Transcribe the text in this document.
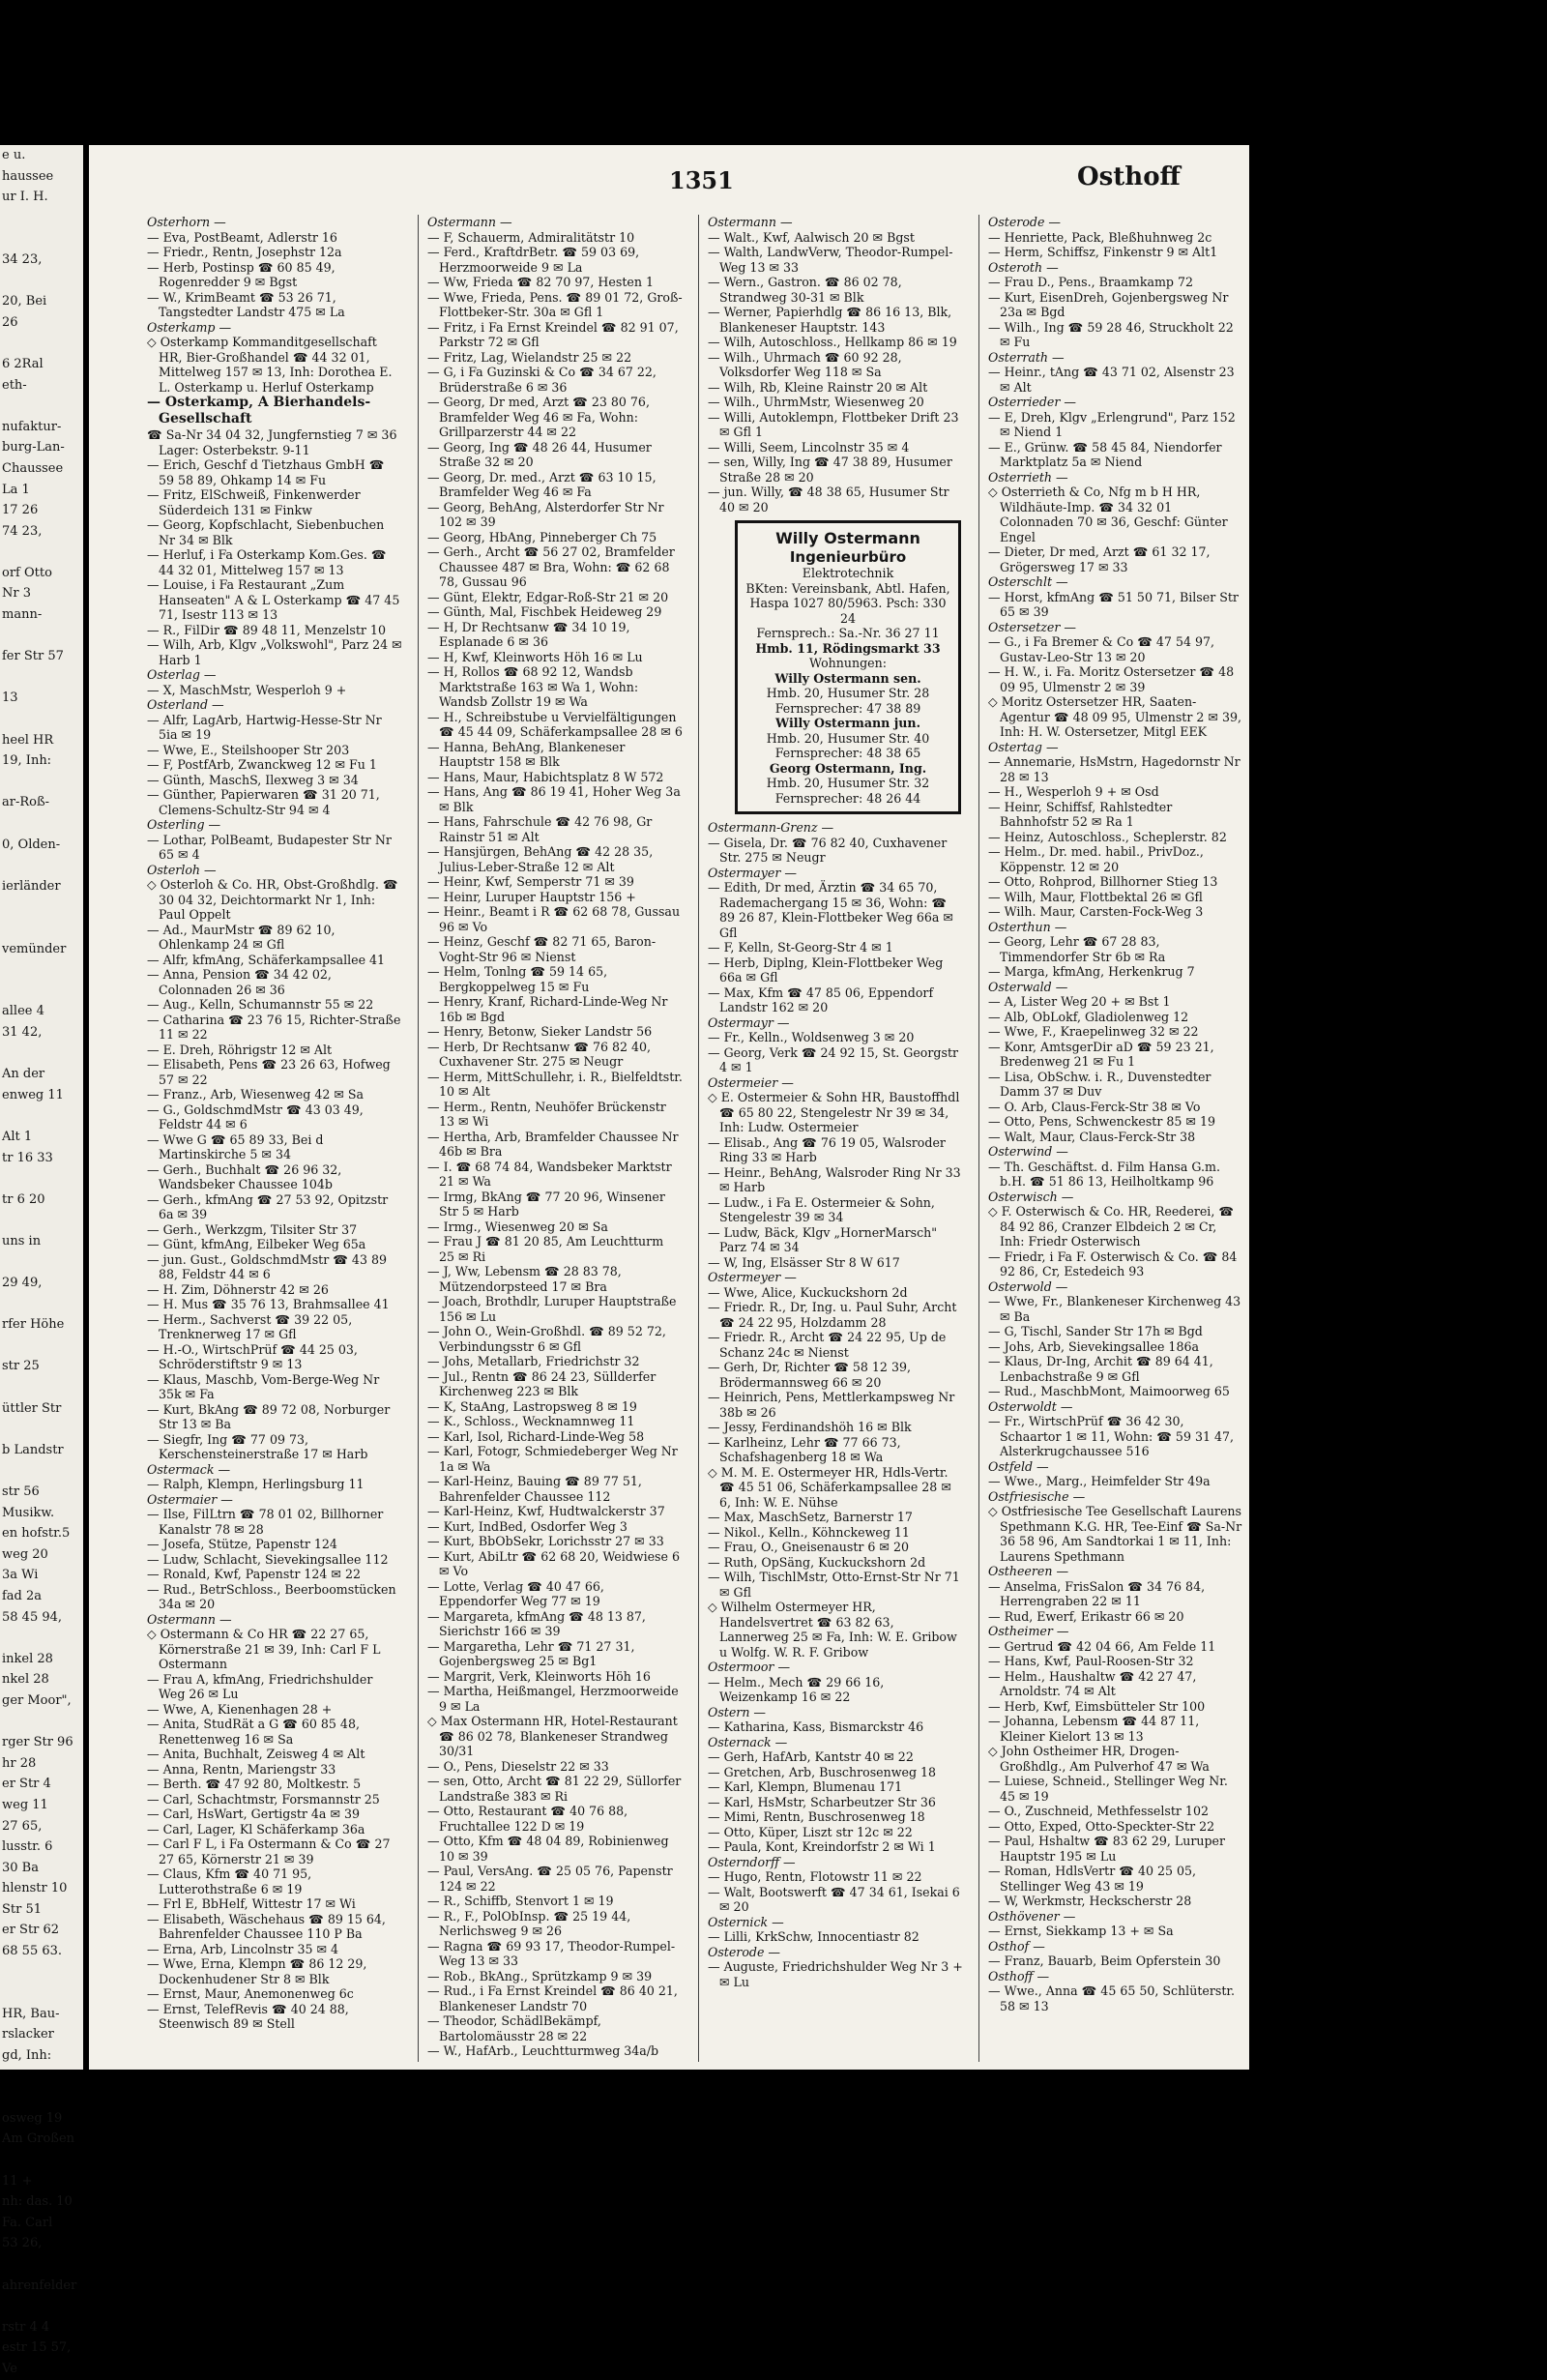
e u.
haussee
ur I. H.

34 23,

20, Bei
26

6 2Ral
eth-

nufaktur-
burg-Lan-
Chaussee
La 1
17 26
74 23,

orf Otto
Nr 3
mann-

fer Str 57

13

heel HR
19, Inh:

ar-Roß-

0, Olden-

ierländer

vemünder

allee 4
31 42,

An der
enweg 11

Alt 1
tr 16 33

tr 6 20

uns in

29 49,

rfer Höhe

str 25

üttler Str

b Landstr

str 56
Musikw.
en hofstr.5
weg 20
3a Wi
fad 2a
58 45 94,

inkel 28
nkel 28
ger Moor",

rger Str 96
hr 28
er Str 4
weg 11
27 65,
lusstr. 6
30 Ba
hlenstr 10
Str 51
er Str 62
68 55 63.

HR, Bau-
rslacker
gd, Inh:

osweg 19
Am Großen

11 +
nh: das. 10
Fa. Carl
53 26,

ahrenfelder

rstr 4 4
estr 15 57,
Ve
1351	Osthoff

Osterhorn —

— Eva, PostBeamt, Adlerstr 16

— Friedr., Rentn, Josephstr 12a

— Herb, Postinsp ☎ 60 85 49, Rogenredder 9 ✉ Bgst

— W., KrimBeamt ☎ 53 26 71, Tangstedter Landstr 475 ✉ La

Osterkamp —

◇ Osterkamp Kommanditgesellschaft HR, Bier-Großhandel ☎ 44 32 01, Mittelweg 157 ✉ 13, Inh: Dorothea E. L. Osterkamp u. Herluf Osterkamp

— Osterkamp, A Bierhandels-Gesellschaft

☎ Sa-Nr 34 04 32, Jungfernstieg 7 ✉ 36 Lager: Osterbekstr. 9-11

— Erich, Geschf d Tietzhaus GmbH ☎ 59 58 89, Ohkamp 14 ✉ Fu

— Fritz, ElSchweiß, Finkenwerder Süderdeich 131 ✉ Finkw

— Georg, Kopfschlacht, Siebenbuchen Nr 34 ✉ Blk

— Herluf, i Fa Osterkamp Kom.Ges. ☎ 44 32 01, Mittelweg 157 ✉ 13

— Louise, i Fa Restaurant „Zum Hanseaten" A & L Osterkamp ☎ 47 45 71, Isestr 113 ✉ 13

— R., FilDir ☎ 89 48 11, Menzelstr 10

— Wilh, Arb, Klgv „Volkswohl", Parz 24 ✉ Harb 1

Osterlag —

— X, MaschMstr, Wesperloh 9 +

Osterland —

— Alfr, LagArb, Hartwig-Hesse-Str Nr 5ia ✉ 19

— Wwe, E., Steilshooper Str 203

— F, PostfArb, Zwanckweg 12 ✉ Fu 1

— Günth, MaschS, Ilexweg 3 ✉ 34

— Günther, Papierwaren ☎ 31 20 71, Clemens-Schultz-Str 94 ✉ 4

Osterling —

— Lothar, PolBeamt, Budapester Str Nr 65 ✉ 4

Osterloh —

◇ Osterloh & Co. HR, Obst-Großhdlg. ☎ 30 04 32, Deichtormarkt Nr 1, Inh: Paul Oppelt

— Ad., MaurMstr ☎ 89 62 10, Ohlenkamp 24 ✉ Gfl

— Alfr, kfmAng, Schäferkampsallee 41

— Anna, Pension ☎ 34 42 02, Colonnaden 26 ✉ 36

— Aug., Kelln, Schumannstr 55 ✉ 22

— Catharina ☎ 23 76 15, Richter-Straße 11 ✉ 22

— E. Dreh, Röhrigstr 12 ✉ Alt

— Elisabeth, Pens ☎ 23 26 63, Hofweg 57 ✉ 22

— Franz., Arb, Wiesenweg 42 ✉ Sa

— G., GoldschmdMstr ☎ 43 03 49, Feldstr 44 ✉ 6

— Wwe G ☎ 65 89 33, Bei d Martinskirche 5 ✉ 34

— Gerh., Buchhalt ☎ 26 96 32, Wandsbeker Chaussee 104b

— Gerh., kfmAng ☎ 27 53 92, Opitzstr 6a ✉ 39

— Gerh., Werkzgm, Tilsiter Str 37

— Günt, kfmAng, Eilbeker Weg 65a

— jun. Gust., GoldschmdMstr ☎ 43 89 88, Feldstr 44 ✉ 6

— H. Zim, Döhnerstr 42 ✉ 26

— H. Mus ☎ 35 76 13, Brahmsallee 41

— Herm., Sachverst ☎ 39 22 05, Trenknerweg 17 ✉ Gfl

— H.-O., WirtschPrüf ☎ 44 25 03, Schröderstiftstr 9 ✉ 13

— Klaus, Maschb, Vom-Berge-Weg Nr 35k ✉ Fa

— Kurt, BkAng ☎ 89 72 08, Norburger Str 13 ✉ Ba

— Siegfr, Ing ☎ 77 09 73, Kerschensteinerstraße 17 ✉ Harb

Ostermack —

— Ralph, Klempn, Herlingsburg 11

Ostermaier —

— Ilse, FilLtrn ☎ 78 01 02, Billhorner Kanalstr 78 ✉ 28

— Josefa, Stütze, Papenstr 124

— Ludw, Schlacht, Sievekingsallee 112

— Ronald, Kwf, Papenstr 124 ✉ 22

— Rud., BetrSchloss., Beerboomstücken 34a ✉ 20

Ostermann —

◇ Ostermann & Co HR ☎ 22 27 65, Körnerstraße 21 ✉ 39, Inh: Carl F L Ostermann

— Frau A, kfmAng, Friedrichshulder Weg 26 ✉ Lu

— Wwe, A, Kienenhagen 28 +

— Anita, StudRät a G ☎ 60 85 48, Renettenweg 16 ✉ Sa

— Anita, Buchhalt, Zeisweg 4 ✉ Alt

— Anna, Rentn, Mariengstr 33

— Berth. ☎ 47 92 80, Moltkestr. 5

— Carl, Schachtmstr, Forsmannstr 25

— Carl, HsWart, Gertigstr 4a ✉ 39

— Carl, Lager, Kl Schäferkamp 36a

— Carl F L, i Fa Ostermann & Co ☎ 27 27 65, Körnerstr 21 ✉ 39

— Claus, Kfm ☎ 40 71 95, Lutterothstraße 6 ✉ 19

— Frl E, BbHelf, Wittestr 17 ✉ Wi

— Elisabeth, Wäschehaus ☎ 89 15 64, Bahrenfelder Chaussee 110 P Ba

— Erna, Arb, Lincolnstr 35 ✉ 4

— Wwe, Erna, Klempn ☎ 86 12 29, Dockenhudener Str 8 ✉ Blk

— Ernst, Maur, Anemonenweg 6c

— Ernst, TelefRevis ☎ 40 24 88, Steenwisch 89 ✉ Stell

Ostermann —

— F, Schauerm, Admiralitätstr 10

— Ferd., KraftdrBetr. ☎ 59 03 69, Herzmoorweide 9 ✉ La

— Ww, Frieda ☎ 82 70 97, Hesten 1

— Wwe, Frieda, Pens. ☎ 89 01 72, Groß-Flottbeker-Str. 30a ✉ Gfl 1

— Fritz, i Fa Ernst Kreindel ☎ 82 91 07, Parkstr 72 ✉ Gfl

— Fritz, Lag, Wielandstr 25 ✉ 22

— G, i Fa Guzinski & Co ☎ 34 67 22, Brüderstraße 6 ✉ 36

— Georg, Dr med, Arzt ☎ 23 80 76, Bramfelder Weg 46 ✉ Fa, Wohn: Grillparzerstr 44 ✉ 22

— Georg, Ing ☎ 48 26 44, Husumer Straße 32 ✉ 20

— Georg, Dr. med., Arzt ☎ 63 10 15, Bramfelder Weg 46 ✉ Fa

— Georg, BehAng, Alsterdorfer Str Nr 102 ✉ 39

— Georg, HbAng, Pinneberger Ch 75

— Gerh., Archt ☎ 56 27 02, Bramfelder Chaussee 487 ✉ Bra, Wohn: ☎ 62 68 78, Gussau 96

— Günt, Elektr, Edgar-Roß-Str 21 ✉ 20

— Günth, Mal, Fischbek Heideweg 29

— H, Dr Rechtsanw ☎ 34 10 19, Esplanade 6 ✉ 36

— H, Kwf, Kleinworts Höh 16 ✉ Lu

— H, Rollos ☎ 68 92 12, Wandsb Marktstraße 163 ✉ Wa 1, Wohn: Wandsb Zollstr 19 ✉ Wa

— H., Schreibstube u Vervielfältigungen ☎ 45 44 09, Schäferkampsallee 28 ✉ 6

— Hanna, BehAng, Blankeneser Hauptstr 158 ✉ Blk

— Hans, Maur, Habichtsplatz 8 W 572

— Hans, Ang ☎ 86 19 41, Hoher Weg 3a ✉ Blk

— Hans, Fahrschule ☎ 42 76 98, Gr Rainstr 51 ✉ Alt

— Hansjürgen, BehAng ☎ 42 28 35, Julius-Leber-Straße 12 ✉ Alt

— Heinr, Kwf, Semperstr 71 ✉ 39

— Heinr, Luruper Hauptstr 156 +

— Heinr., Beamt i R ☎ 62 68 78, Gussau 96 ✉ Vo

— Heinz, Geschf ☎ 82 71 65, Baron-Voght-Str 96 ✉ Nienst

— Helm, Tonlng ☎ 59 14 65, Bergkoppelweg 15 ✉ Fu

— Henry, Kranf, Richard-Linde-Weg Nr 16b ✉ Bgd

— Henry, Betonw, Sieker Landstr 56

— Herb, Dr Rechtsanw ☎ 76 82 40, Cuxhavener Str. 275 ✉ Neugr

— Herm, MittSchullehr, i. R., Bielfeldtstr. 10 ✉ Alt

— Herm., Rentn, Neuhöfer Brückenstr 13 ✉ Wi

— Hertha, Arb, Bramfelder Chaussee Nr 46b ✉ Bra

— I. ☎ 68 74 84, Wandsbeker Marktstr 21 ✉ Wa

— Irmg, BkAng ☎ 77 20 96, Winsener Str 5 ✉ Harb

— Irmg., Wiesenweg 20 ✉ Sa

— Frau J ☎ 81 20 85, Am Leuchtturm 25 ✉ Ri

— J, Ww, Lebensm ☎ 28 83 78, Mützendorpsteed 17 ✉ Bra

— Joach, Brothdlr, Luruper Hauptstraße 156 ✉ Lu

— John O., Wein-Großhdl. ☎ 89 52 72, Verbindungsstr 6 ✉ Gfl

— Johs, Metallarb, Friedrichstr 32

— Jul., Rentn ☎ 86 24 23, Süllderfer Kirchenweg 223 ✉ Blk

— K, StaAng, Lastropsweg 8 ✉ 19

— K., Schloss., Wecknamnweg 11

— Karl, Isol, Richard-Linde-Weg 58

— Karl, Fotogr, Schmiedeberger Weg Nr 1a ✉ Wa

— Karl-Heinz, Bauing ☎ 89 77 51, Bahrenfelder Chaussee 112

— Karl-Heinz, Kwf, Hudtwalckerstr 37

— Kurt, IndBed, Osdorfer Weg 3

— Kurt, BbObSekr, Lorichsstr 27 ✉ 33

— Kurt, AbiLtr ☎ 62 68 20, Weidwiese 6 ✉ Vo

— Lotte, Verlag ☎ 40 47 66, Eppendorfer Weg 77 ✉ 19

— Margareta, kfmAng ☎ 48 13 87, Sierichstr 166 ✉ 39

— Margaretha, Lehr ☎ 71 27 31, Gojenbergsweg 25 ✉ Bg1

— Margrit, Verk, Kleinworts Höh 16

— Martha, Heißmangel, Herzmoorweide 9 ✉ La

◇ Max Ostermann HR, Hotel-Restaurant ☎ 86 02 78, Blankeneser Strandweg 30/31

— O., Pens, Dieselstr 22 ✉ 33

— sen, Otto, Archt ☎ 81 22 29, Süllorfer Landstraße 383 ✉ Ri

— Otto, Restaurant ☎ 40 76 88, Fruchtallee 122 D ✉ 19

— Otto, Kfm ☎ 48 04 89, Robinienweg 10 ✉ 39

— Paul, VersAng. ☎ 25 05 76, Papenstr 124 ✉ 22

— R., Schiffb, Stenvort 1 ✉ 19

— R., F., PolObInsp. ☎ 25 19 44, Nerlichsweg 9 ✉ 26

— Ragna ☎ 69 93 17, Theodor-Rumpel-Weg 13 ✉ 33

— Rob., BkAng., Sprützkamp 9 ✉ 39

— Rud., i Fa Ernst Kreindel ☎ 86 40 21, Blankeneser Landstr 70

— Theodor, SchädlBekämpf, Bartolomäusstr 28 ✉ 22

— W., HafArb., Leuchtturmweg 34a/b

Ostermann —

— Walt., Kwf, Aalwisch 20 ✉ Bgst

— Walth, LandwVerw, Theodor-Rumpel-Weg 13 ✉ 33

— Wern., Gastron. ☎ 86 02 78, Strandweg 30-31 ✉ Blk

— Werner, Papierhdlg ☎ 86 16 13, Blk, Blankeneser Hauptstr. 143

— Wilh, Autoschloss., Hellkamp 86 ✉ 19

— Wilh., Uhrmach ☎ 60 92 28, Volksdorfer Weg 118 ✉ Sa

— Wilh, Rb, Kleine Rainstr 20 ✉ Alt

— Wilh., UhrmMstr, Wiesenweg 20

— Willi, Autoklempn, Flottbeker Drift 23 ✉ Gfl 1

— Willi, Seem, Lincolnstr 35 ✉ 4

— sen, Willy, Ing ☎ 47 38 89, Husumer Straße 28 ✉ 20

— jun. Willy, ☎ 48 38 65, Husumer Str 40 ✉ 20

Willy Ostermann
Ingenieurbüro
Elektrotechnik
BKten: Vereinsbank, Abtl. Hafen, Haspa 1027 80/5963. Psch: 330 24
Fernsprech.: Sa.-Nr. 36 27 11
Hmb. 11, Rödingsmarkt 33
Wohnungen:
Willy Ostermann sen.
Hmb. 20, Husumer Str. 28
Fernsprecher: 47 38 89
Willy Ostermann jun.
Hmb. 20, Husumer Str. 40
Fernsprecher: 48 38 65
Georg Ostermann, Ing.
Hmb. 20, Husumer Str. 32
Fernsprecher: 48 26 44

Ostermann-Grenz —

— Gisela, Dr. ☎ 76 82 40, Cuxhavener Str. 275 ✉ Neugr

Ostermayer —

— Edith, Dr med, Ärztin ☎ 34 65 70, Rademachergang 15 ✉ 36, Wohn: ☎ 89 26 87, Klein-Flottbeker Weg 66a ✉ Gfl

— F, Kelln, St-Georg-Str 4 ✉ 1

— Herb, Diplng, Klein-Flottbeker Weg 66a ✉ Gfl

— Max, Kfm ☎ 47 85 06, Eppendorf Landstr 162 ✉ 20

Ostermayr —

— Fr., Kelln., Woldsenweg 3 ✉ 20

— Georg, Verk ☎ 24 92 15, St. Georgstr 4 ✉ 1

Ostermeier —

◇ E. Ostermeier & Sohn HR, Baustoffhdl ☎ 65 80 22, Stengelestr Nr 39 ✉ 34, Inh: Ludw. Ostermeier

— Elisab., Ang ☎ 76 19 05, Walsroder Ring 33 ✉ Harb

— Heinr., BehAng, Walsroder Ring Nr 33 ✉ Harb

— Ludw., i Fa E. Ostermeier & Sohn, Stengelestr 39 ✉ 34

— Ludw, Bäck, Klgv „HornerMarsch" Parz 74 ✉ 34

— W, Ing, Elsässer Str 8 W 617

Ostermeyer —

— Wwe, Alice, Kuckuckshorn 2d

— Friedr. R., Dr, Ing. u. Paul Suhr, Archt ☎ 24 22 95, Holzdamm 28

— Friedr. R., Archt ☎ 24 22 95, Up de Schanz 24c ✉ Nienst

— Gerh, Dr, Richter ☎ 58 12 39, Brödermannsweg 66 ✉ 20

— Heinrich, Pens, Mettlerkampsweg Nr 38b ✉ 26

— Jessy, Ferdinandshöh 16 ✉ Blk

— Karlheinz, Lehr ☎ 77 66 73, Schafshagenberg 18 ✉ Wa

◇ M. M. E. Ostermeyer HR, Hdls-Vertr. ☎ 45 51 06, Schäferkampsallee 28 ✉ 6, Inh: W. E. Nühse

— Max, MaschSetz, Barnerstr 17

— Nikol., Kelln., Köhnckeweg 11

— Frau, O., Gneisenaustr 6 ✉ 20

— Ruth, OpSäng, Kuckuckshorn 2d

— Wilh, TischlMstr, Otto-Ernst-Str Nr 71 ✉ Gfl

◇ Wilhelm Ostermeyer HR, Handelsvertret ☎ 63 82 63, Lannerweg 25 ✉ Fa, Inh: W. E. Gribow u Wolfg. W. R. F. Gribow

Ostermoor —

— Helm., Mech ☎ 29 66 16, Weizenkamp 16 ✉ 22

Ostern —

— Katharina, Kass, Bismarckstr 46

Osternack —

— Gerh, HafArb, Kantstr 40 ✉ 22

— Gretchen, Arb, Buschrosenweg 18

— Karl, Klempn, Blumenau 171

— Karl, HsMstr, Scharbeutzer Str 36

— Mimi, Rentn, Buschrosenweg 18

— Otto, Küper, Liszt str 12c ✉ 22

— Paula, Kont, Kreindorfstr 2 ✉ Wi 1

Osterndorff —

— Hugo, Rentn, Flotowstr 11 ✉ 22

— Walt, Bootswerft ☎ 47 34 61, Isekai 6 ✉ 20

Osternick —

— Lilli, KrkSchw, Innocentiastr 82

Osterode —

— Auguste, Friedrichshulder Weg Nr 3 + ✉ Lu

Osterode —

— Henriette, Pack, Bleßhuhnweg 2c

— Herm, Schiffsz, Finkenstr 9 ✉ Alt1

Osteroth —

— Frau D., Pens., Braamkamp 72

— Kurt, EisenDreh, Gojenbergsweg Nr 23a ✉ Bgd

— Wilh., Ing ☎ 59 28 46, Struckholt 22 ✉ Fu

Osterrath —

— Heinr., tAng ☎ 43 71 02, Alsenstr 23 ✉ Alt

Osterrieder —

— E, Dreh, Klgv „Erlengrund", Parz 152 ✉ Niend 1

— E., Grünw. ☎ 58 45 84, Niendorfer Marktplatz 5a ✉ Niend

Osterrieth —

◇ Osterrieth & Co, Nfg m b H HR, Wildhäute-Imp. ☎ 34 32 01 Colonnaden 70 ✉ 36, Geschf: Günter Engel

— Dieter, Dr med, Arzt ☎ 61 32 17, Grögersweg 17 ✉ 33

Osterschlt —

— Horst, kfmAng ☎ 51 50 71, Bilser Str 65 ✉ 39

Ostersetzer —

— G., i Fa Bremer & Co ☎ 47 54 97, Gustav-Leo-Str 13 ✉ 20

— H. W., i. Fa. Moritz Ostersetzer ☎ 48 09 95, Ulmenstr 2 ✉ 39

◇ Moritz Ostersetzer HR, Saaten-Agentur ☎ 48 09 95, Ulmenstr 2 ✉ 39, Inh: H. W. Ostersetzer, Mitgl EEK

Ostertag —

— Annemarie, HsMstrn, Hagedornstr Nr 28 ✉ 13

— H., Wesperloh 9 + ✉ Osd

— Heinr, Schiffsf, Rahlstedter Bahnhofstr 52 ✉ Ra 1

— Heinz, Autoschloss., Scheplerstr. 82

— Helm., Dr. med. habil., PrivDoz., Köppenstr. 12 ✉ 20

— Otto, Rohprod, Billhorner Stieg 13

— Wilh, Maur, Flottbektal 26 ✉ Gfl

— Wilh. Maur, Carsten-Fock-Weg 3

Osterthun —

— Georg, Lehr ☎ 67 28 83, Timmendorfer Str 6b ✉ Ra

— Marga, kfmAng, Herkenkrug 7

Osterwald —

— A, Lister Weg 20 + ✉ Bst 1

— Alb, ObLokf, Gladiolenweg 12

— Wwe, F., Kraepelinweg 32 ✉ 22

— Konr, AmtsgerDir aD ☎ 59 23 21, Bredenweg 21 ✉ Fu 1

— Lisa, ObSchw. i. R., Duvenstedter Damm 37 ✉ Duv

— O. Arb, Claus-Ferck-Str 38 ✉ Vo

— Otto, Pens, Schwenckestr 85 ✉ 19

— Walt, Maur, Claus-Ferck-Str 38

Osterwind —

— Th. Geschäftst. d. Film Hansa G.m. b.H. ☎ 51 86 13, Heilholtkamp 96

Osterwisch —

◇ F. Osterwisch & Co. HR, Reederei, ☎ 84 92 86, Cranzer Elbdeich 2 ✉ Cr, Inh: Friedr Osterwisch

— Friedr, i Fa F. Osterwisch & Co. ☎ 84 92 86, Cr, Estedeich 93

Osterwold —

— Wwe, Fr., Blankeneser Kirchenweg 43 ✉ Ba

— G, Tischl, Sander Str 17h ✉ Bgd

— Johs, Arb, Sievekingsallee 186a

— Klaus, Dr-Ing, Archit ☎ 89 64 41, Lenbachstraße 9 ✉ Gfl

— Rud., MaschbMont, Maimoorweg 65

Osterwoldt —

— Fr., WirtschPrüf ☎ 36 42 30, Schaartor 1 ✉ 11, Wohn: ☎ 59 31 47, Alsterkrugchaussee 516

Ostfeld —

— Wwe., Marg., Heimfelder Str 49a

Ostfriesische —

◇ Ostfriesische Tee Gesellschaft Laurens Spethmann K.G. HR, Tee-Einf ☎ Sa-Nr 36 58 96, Am Sandtorkai 1 ✉ 11, Inh: Laurens Spethmann

Ostheeren —

— Anselma, FrisSalon ☎ 34 76 84, Herrengraben 22 ✉ 11

— Rud, Ewerf, Erikastr 66 ✉ 20

Ostheimer —

— Gertrud ☎ 42 04 66, Am Felde 11

— Hans, Kwf, Paul-Roosen-Str 32

— Helm., Haushaltw ☎ 42 27 47, Arnoldstr. 74 ✉ Alt

— Herb, Kwf, Eimsbütteler Str 100

— Johanna, Lebensm ☎ 44 87 11, Kleiner Kielort 13 ✉ 13

◇ John Ostheimer HR, Drogen-Großhdlg., Am Pulverhof 47 ✉ Wa

— Luiese, Schneid., Stellinger Weg Nr. 45 ✉ 19

— O., Zuschneid, Methfesselstr 102

— Otto, Exped, Otto-Speckter-Str 22

— Paul, Hshaltw ☎ 83 62 29, Luruper Hauptstr 195 ✉ Lu

— Roman, HdlsVertr ☎ 40 25 05, Stellinger Weg 43 ✉ 19

— W, Werkmstr, Heckscherstr 28

Osthövener —

— Ernst, Siekkamp 13 + ✉ Sa

Osthof —

— Franz, Bauarb, Beim Opferstein 30

Osthoff —

— Wwe., Anna ☎ 45 65 50, Schlüterstr. 58 ✉ 13
